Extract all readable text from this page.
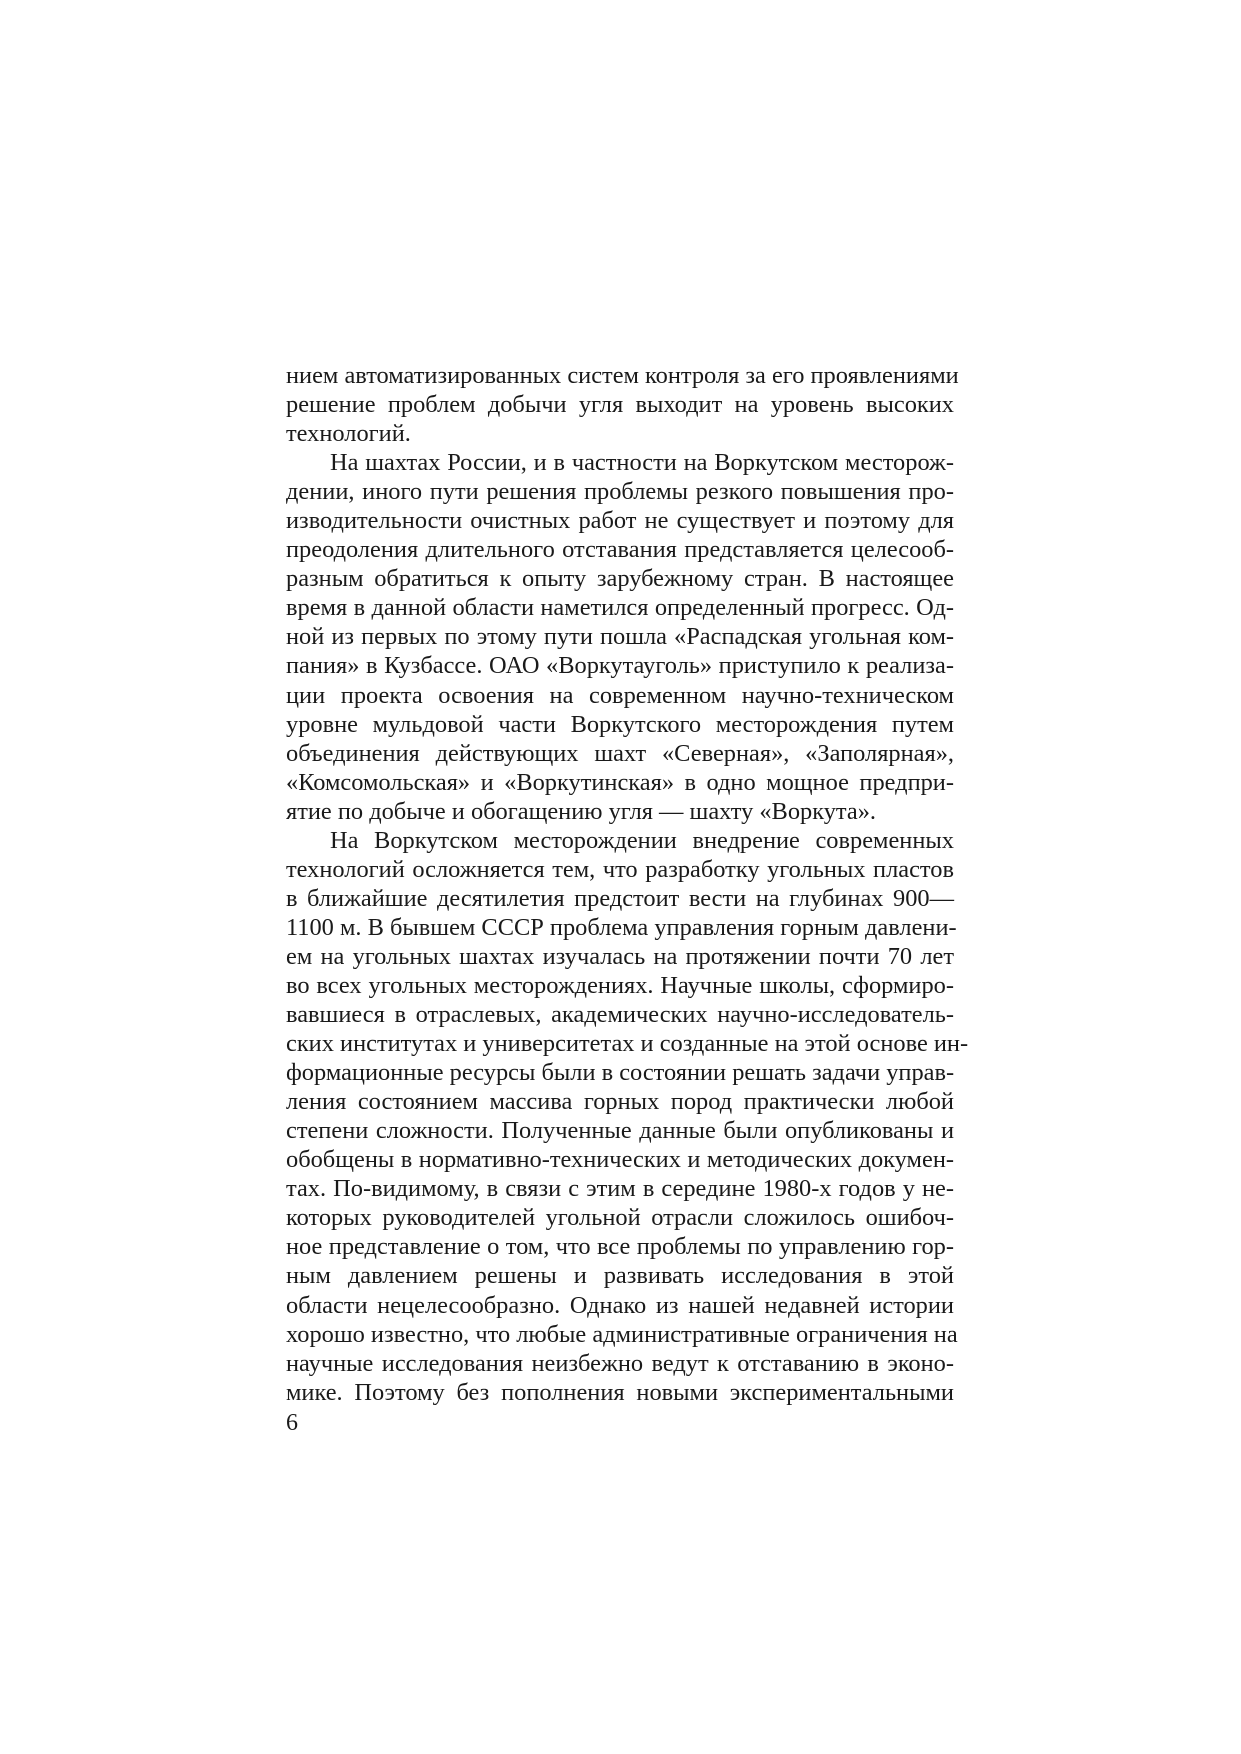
нием автоматизированных систем контроля за его проявлениями
решение проблем добычи угля выходит на уровень высоких
технологий.
На шахтах России, и в частности на Воркутском месторож-
дении, иного пути решения проблемы резкого повышения про-
изводительности очистных работ не существует и поэтому для
преодоления длительного отставания представляется целесооб-
разным обратиться к опыту зарубежному стран. В настоящее
время в данной области наметился определенный прогресс. Од-
ной из первых по этому пути пошла «Распадская угольная ком-
пания» в Кузбассе. ОАО «Воркутауголь» приступило к реализа-
ции проекта освоения на современном научно-техническом
уровне мульдовой части Воркутского месторождения путем
объединения действующих шахт «Северная», «Заполярная»,
«Комсомольская» и «Воркутинская» в одно мощное предпри-
ятие по добыче и обогащению угля — шахту «Воркута».
На Воркутском месторождении внедрение современных
технологий осложняется тем, что разработку угольных пластов
в ближайшие десятилетия предстоит вести на глубинах 900—
1100 м. В бывшем СССР проблема управления горным давлени-
ем на угольных шахтах изучалась на протяжении почти 70 лет
во всех угольных месторождениях. Научные школы, сформиро-
вавшиеся в отраслевых, академических научно-исследователь-
ских институтах и университетах и созданные на этой основе ин-
формационные ресурсы были в состоянии решать задачи управ-
ления состоянием массива горных пород практически любой
степени сложности. Полученные данные были опубликованы и
обобщены в нормативно-технических и методических докумен-
тах. По-видимому, в связи с этим в середине 1980-х годов у не-
которых руководителей угольной отрасли сложилось ошибоч-
ное представление о том, что все проблемы по управлению гор-
ным давлением решены и развивать исследования в этой
области нецелесообразно. Однако из нашей недавней истории
хорошо известно, что любые административные ограничения на
научные исследования неизбежно ведут к отставанию в эконо-
мике. Поэтому без пополнения новыми экспериментальными
6
